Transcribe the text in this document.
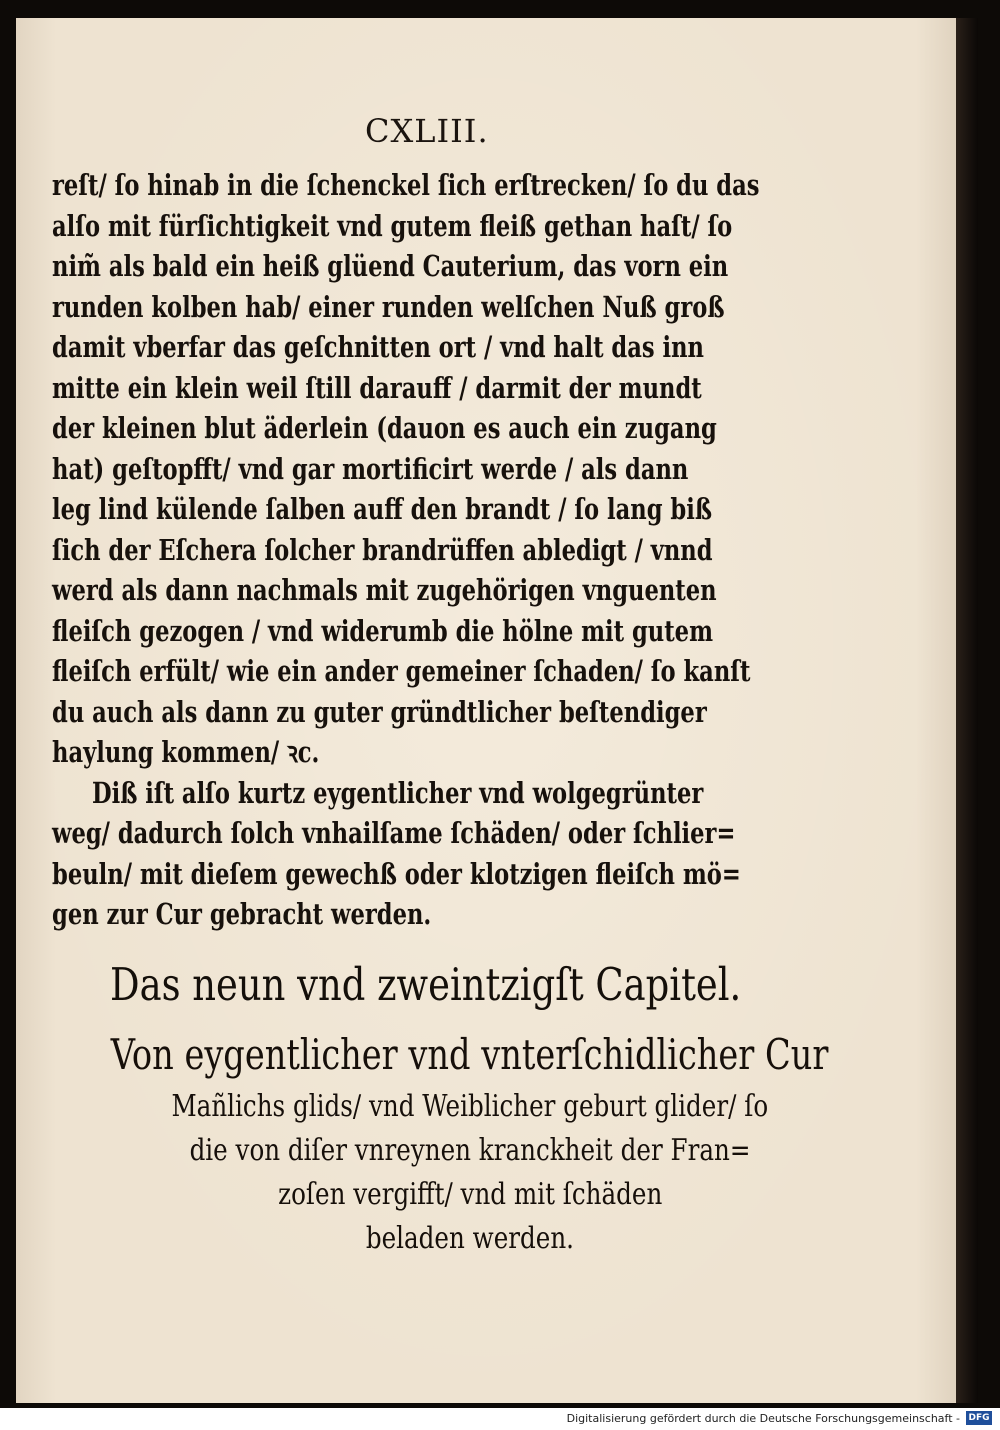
CXLIII.
reſt/ ſo hinab in die ſchenckel ſich erſtrecken/ ſo du das
alſo mit fürſichtigkeit vnd gutem fleiß gethan haſt/ ſo
nim̃ als bald ein heiß glüend Cauterium, das vorn ein
runden kolben hab/ einer runden welſchen Nuß groß
damit vberfar das geſchnitten ort / vnd halt das inn
mitte ein klein weil ſtill darauff / darmit der mundt
der kleinen blut äderlein (dauon es auch ein zugang
hat) geſtopfft/ vnd gar mortificirt werde / als dann
leg lind külende ſalben auff den brandt / ſo lang biß
ſich der Eſchera ſolcher brandrüffen abledigt / vnnd
werd als dann nachmals mit zugehörigen vnguenten
fleiſch gezogen / vnd widerumb die hölne mit gutem
fleiſch erfült/ wie ein ander gemeiner ſchaden/ ſo kanſt
du auch als dann zu guter gründtlicher beſtendiger
haylung kommen/ ꝛc.
Diß iſt alſo kurtz eygentlicher vnd wolgegrünter
weg/ dadurch ſolch vnhailſame ſchäden/ oder ſchlier=
beuln/ mit dieſem gewechß oder klotzigen fleiſch mö=
gen zur Cur gebracht werden.
Das neun vnd zweintzigſt Capitel.
Von eygentlicher vnd vnterſchidlicher Cur
Mañlichs glids/ vnd Weiblicher geburt glider/ ſo
die von diſer vnreynen kranckheit der Fran=
zoſen vergifft/ vnd mit ſchäden
beladen werden.
Digitalisierung gefördert durch die Deutsche Forschungsgemeinschaft - DFG
